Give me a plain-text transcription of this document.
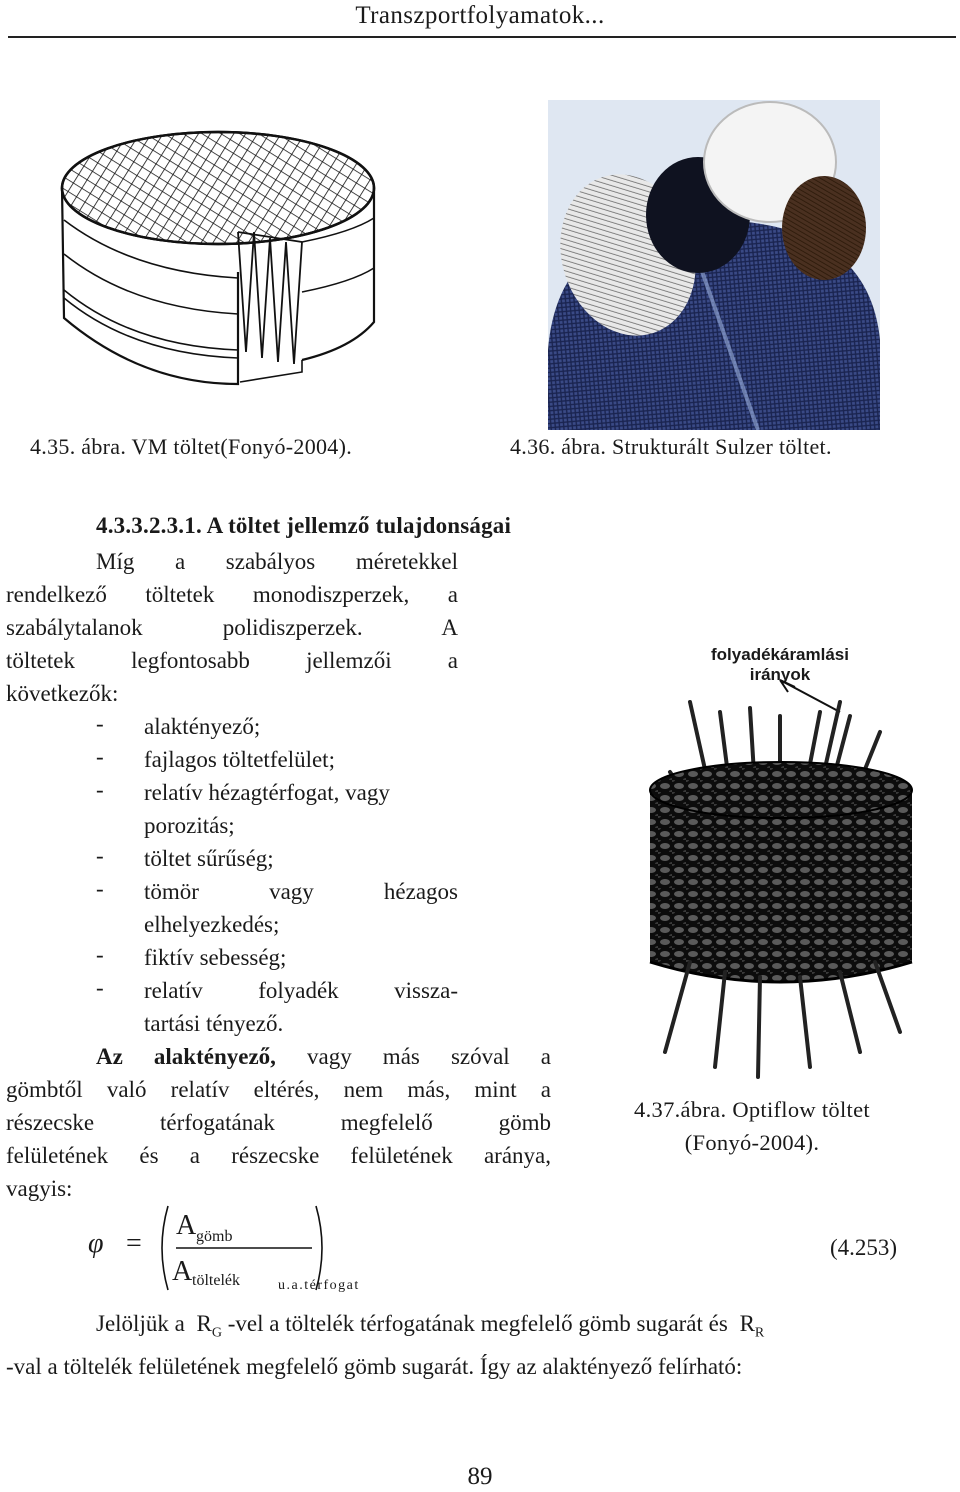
Transzportfolyamatok...
4.35. ábra. VM töltet(Fonyó-2004).	4.36. ábra. Strukturált Sulzer töltet.
4.3.3.2.3.1. A töltet jellemző tulajdonságai
Míg a szabályos méretekkel
rendelkező töltetek monodiszperzek, a
szabálytalanok polidiszperzek. A
töltetek legfontosabb jellemzői a
következők:
- alaktényező;
- fajlagos töltetfelület;
- relatív hézagtérfogat, vagy
porozitás;
- töltet sűrűség;
- tömör vagy hézagos
elhelyezkedés;
- fiktív sebesség;
- relatív folyadék vissza-
tartási tényező.
Az alaktényező, vagy más szóval a
gömbtől való relatív eltérés, nem más, mint a
részecske térfogatának megfelelő gömb
felületének és a részecske felületének aránya,
vagyis:
folyadékáramlási
irányok
4.37.ábra. Optiflow töltet
(Fonyó-2004).
φ =
A gömb
A töltelék	u.a.térfogat
(4.253)
Jelöljük a $R_G$ -vel a töltelék térfogatának megfelelő gömb sugarát és $R_R$
-val a töltelék felületének megfelelő gömb sugarát. Így az alaktényező felírható:
89
